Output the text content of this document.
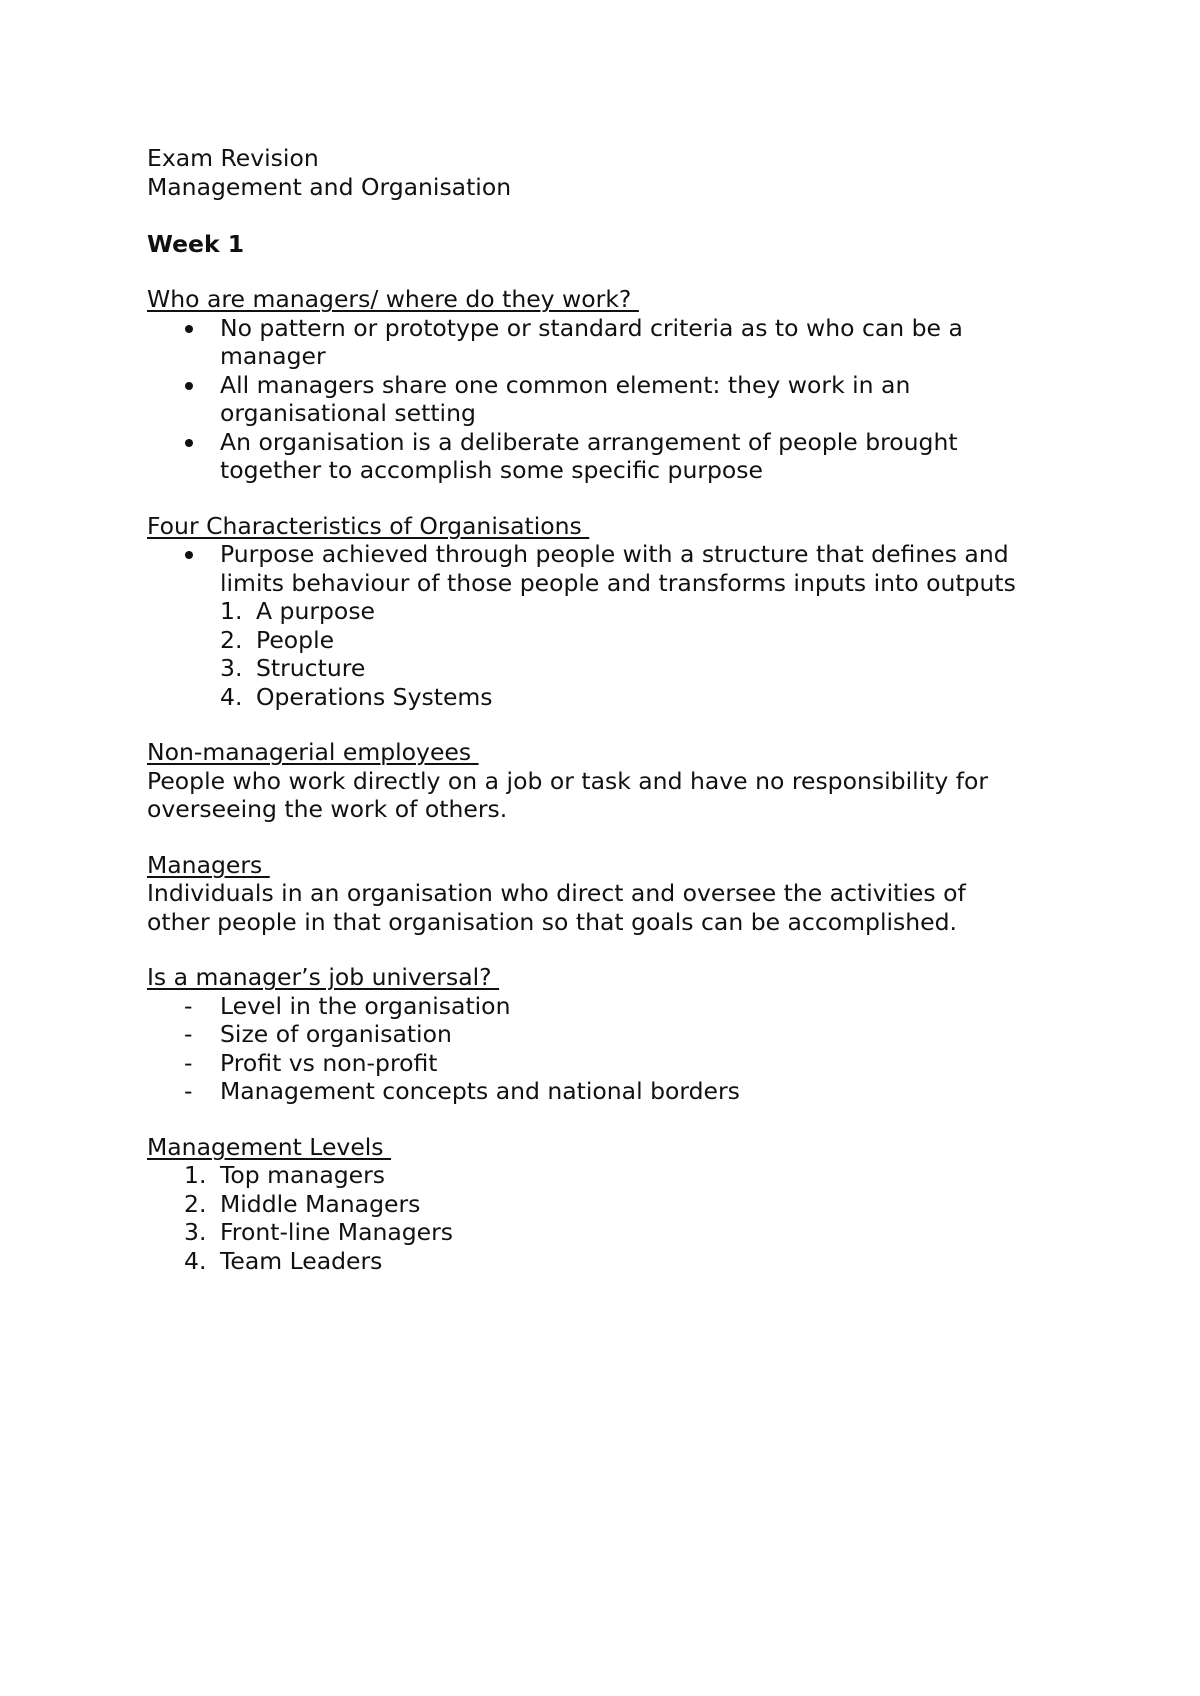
Exam Revision
Management and Organisation
Week 1
Who are managers/ where do they work?
No pattern or prototype or standard criteria as to who can be a
manager
All managers share one common element: they work in an
organisational setting
An organisation is a deliberate arrangement of people brought
together to accomplish some specific purpose
Four Characteristics of Organisations
Purpose achieved through people with a structure that defines and
limits behaviour of those people and transforms inputs into outputs
1. A purpose
2. People
3. Structure
4. Operations Systems
Non-managerial employees
People who work directly on a job or task and have no responsibility for
overseeing the work of others.
Managers
Individuals in an organisation who direct and oversee the activities of
other people in that organisation so that goals can be accomplished.
Is a manager’s job universal?
- Level in the organisation
- Size of organisation
- Profit vs non-profit
- Management concepts and national borders
Management Levels
1. Top managers
2. Middle Managers
3. Front-line Managers
4. Team Leaders
